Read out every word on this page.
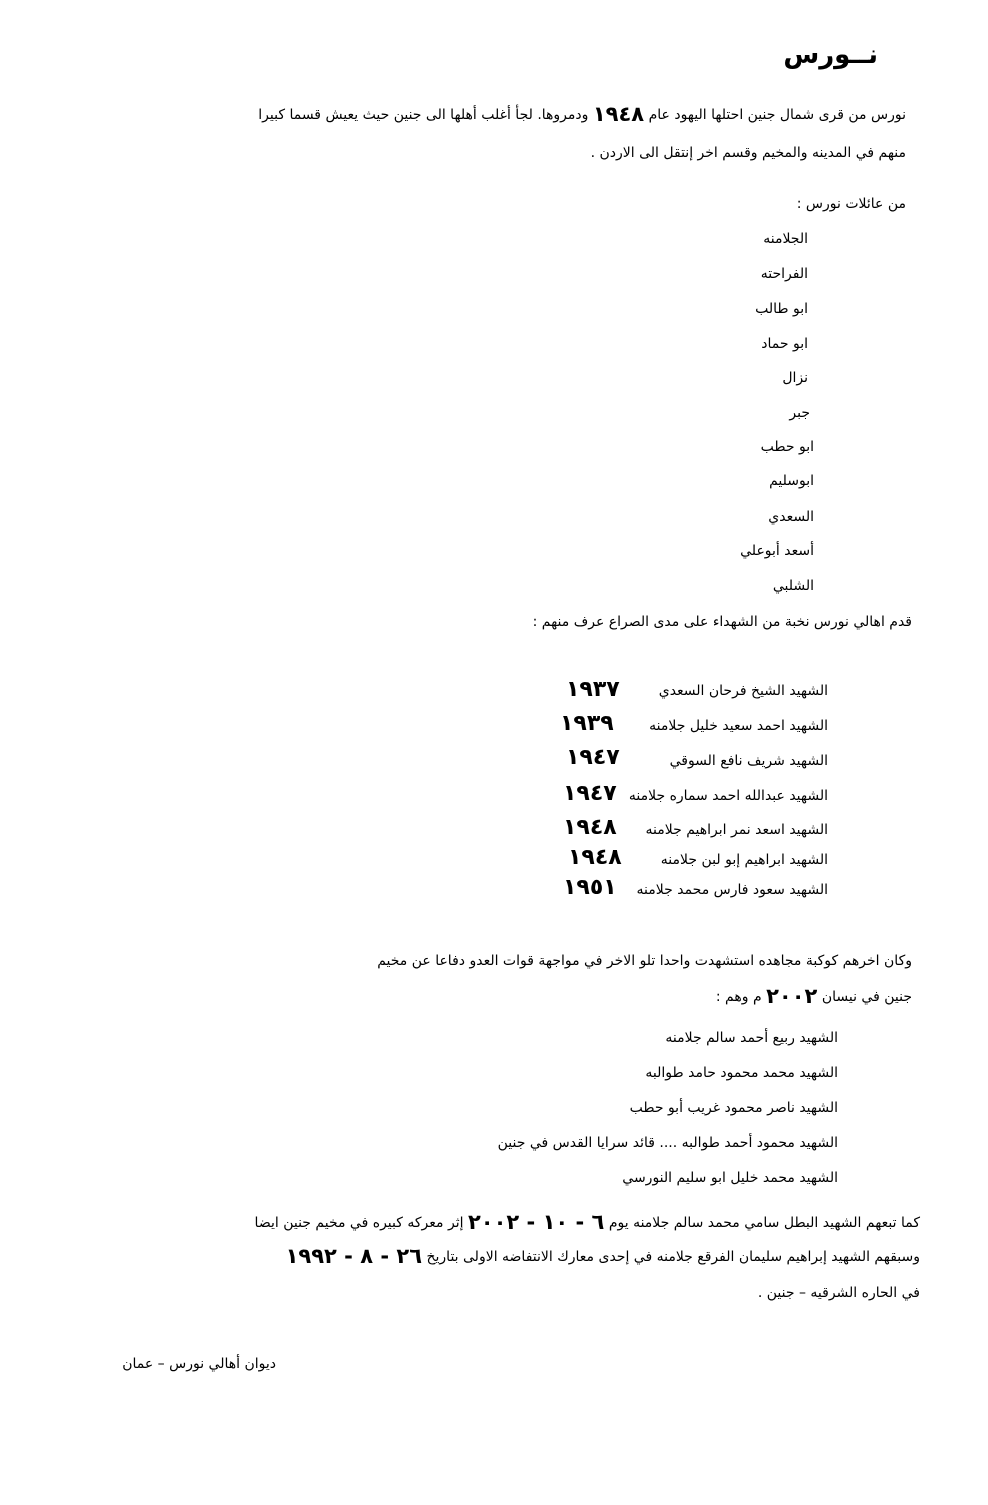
نــورس
نورس من قرى شمال جنين احتلها اليهود عام ١٩٤٨ ودمروها. لجأ أغلب أهلها الى جنين حيث يعيش قسما كبيرا
منهم في المدينه والمخيم وقسم اخر إنتقل الى الاردن .
من عائلات نورس :
الجلامنه
الفراحته
ابو طالب
ابو حماد
نزال
جبر
ابو حطب
ابوسليم
السعدي
أسعد أبوعلي
الشلبي
قدم اهالي نورس نخبة من الشهداء على مدى الصراع عرف منهم :
الشهيد الشيخ فرحان السعدي
١٩٣٧
الشهيد احمد سعيد خليل جلامنه
١٩٣٩
الشهيد شريف نافع السوقي
١٩٤٧
الشهيد عبدالله احمد سماره جلامنه
١٩٤٧
الشهيد اسعد نمر ابراهيم جلامنه
١٩٤٨
الشهيد ابراهيم إبو لبن جلامنه
١٩٤٨
الشهيد سعود فارس محمد جلامنه
١٩٥١
وكان اخرهم كوكبة مجاهده استشهدت واحدا تلو الاخر في مواجهة قوات العدو دفاعا عن مخيم
جنين في نيسان ٢٠٠٢ م وهم :
الشهيد ربيع أحمد سالم جلامنه
الشهيد محمد محمود حامد طوالبه
الشهيد ناصر محمود غريب أبو حطب
الشهيد محمود أحمد طوالبه .... قائد سرايا القدس في جنين
الشهيد محمد خليل ابو سليم النورسي
كما تبعهم الشهيد البطل سامي محمد سالم جلامنه يوم ٦ - ١٠ - ٢٠٠٢ إثر معركه كبيره في مخيم جنين ايضا
وسبقهم الشهيد إبراهيم سليمان الفرقع جلامنه في إحدى معارك الانتفاضه الاولى بتاريخ ٢٦ - ٨ - ١٩٩٢
في الحاره الشرقيه – جنين .
ديوان أهالي نورس – عمان
